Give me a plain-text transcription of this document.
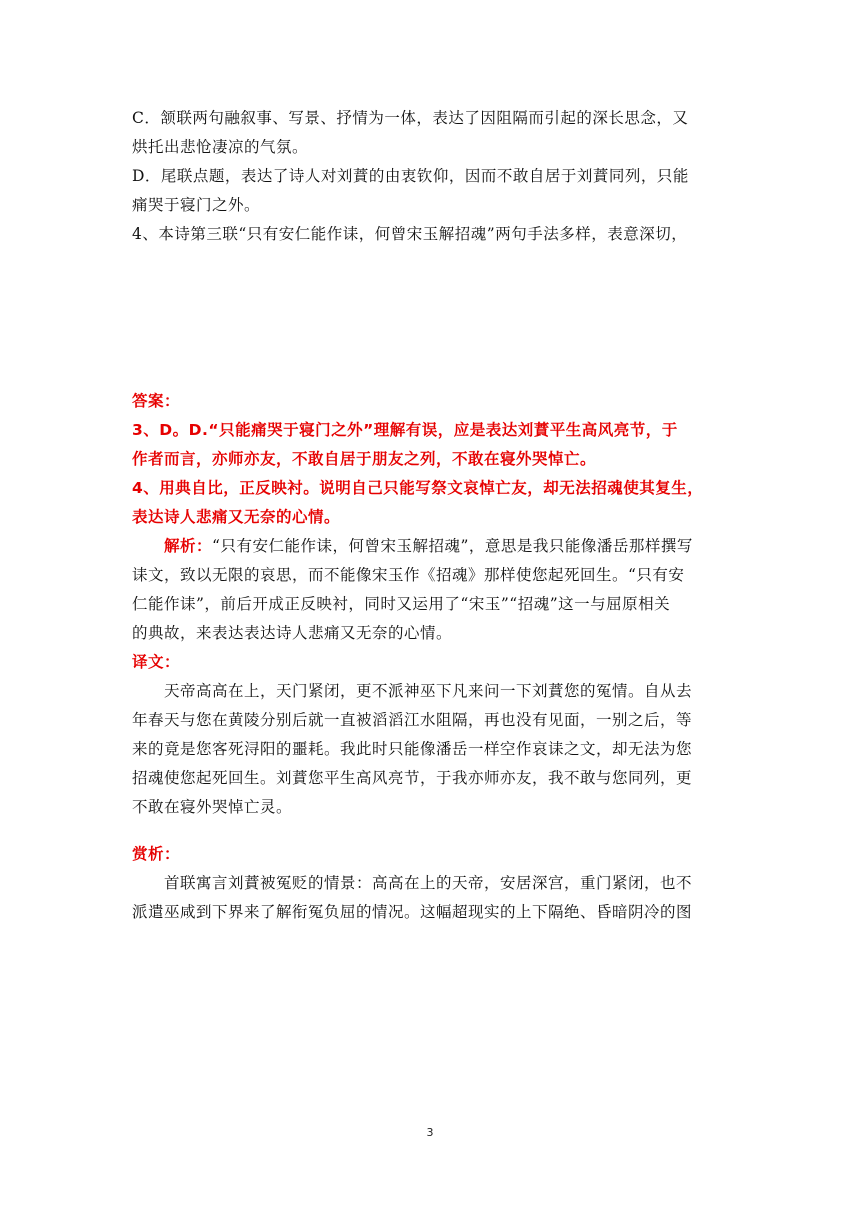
C．颔联两句融叙事、写景、抒情为一体，表达了因阻隔而引起的深长思念，又
烘托出悲怆凄凉的气氛。
D．尾联点题，表达了诗人对刘蕡的由衷钦仰，因而不敢自居于刘蕡同列，只能
痛哭于寝门之外。
4、本诗第三联“只有安仁能作诔，何曾宋玉解招魂”两句手法多样，表意深切，
答案：
3、D。D.“只能痛哭于寝门之外”理解有误，应是表达刘蕡平生高风亮节，于
作者而言，亦师亦友，不敢自居于朋友之列，不敢在寝外哭悼亡。
4、用典自比，正反映衬。说明自己只能写祭文哀悼亡友，却无法招魂使其复生，
表达诗人悲痛又无奈的心情。
解析：“只有安仁能作诔，何曾宋玉解招魂”，意思是我只能像潘岳那样撰写
诔文，致以无限的哀思，而不能像宋玉作《招魂》那样使您起死回生。“只有安
仁能作诔”，前后开成正反映衬，同时又运用了“宋玉”“招魂”这一与屈原相关
的典故，来表达表达诗人悲痛又无奈的心情。
译文：
天帝高高在上，天门紧闭，更不派神巫下凡来问一下刘蕡您的冤情。自从去
年春天与您在黄陵分别后就一直被滔滔江水阻隔，再也没有见面，一别之后，等
来的竟是您客死浔阳的噩耗。我此时只能像潘岳一样空作哀诔之文，却无法为您
招魂使您起死回生。刘蕡您平生高风亮节，于我亦师亦友，我不敢与您同列，更
不敢在寝外哭悼亡灵。
赏析：
首联寓言刘蕡被冤贬的情景：高高在上的天帝，安居深宫，重门紧闭，也不
派遣巫咸到下界来了解衔冤负屈的情况。这幅超现实的上下隔绝、昏暗阴冷的图
3
